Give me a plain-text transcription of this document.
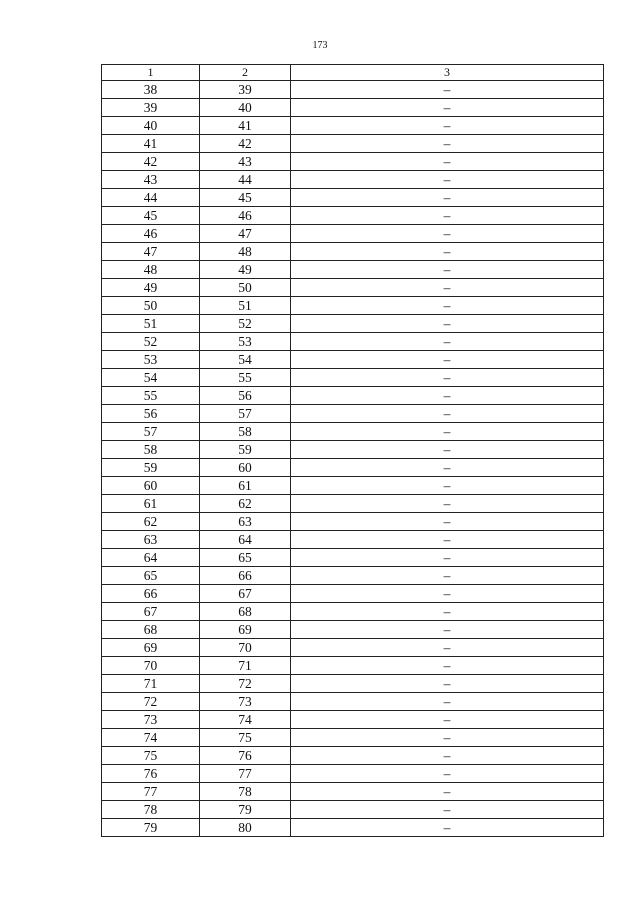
173
1	2	3
38	39	–
39	40	–
40	41	–
41	42	–
42	43	–
43	44	–
44	45	–
45	46	–
46	47	–
47	48	–
48	49	–
49	50	–
50	51	–
51	52	–
52	53	–
53	54	–
54	55	–
55	56	–
56	57	–
57	58	–
58	59	–
59	60	–
60	61	–
61	62	–
62	63	–
63	64	–
64	65	–
65	66	–
66	67	–
67	68	–
68	69	–
69	70	–
70	71	–
71	72	–
72	73	–
73	74	–
74	75	–
75	76	–
76	77	–
77	78	–
78	79	–
79	80	–
